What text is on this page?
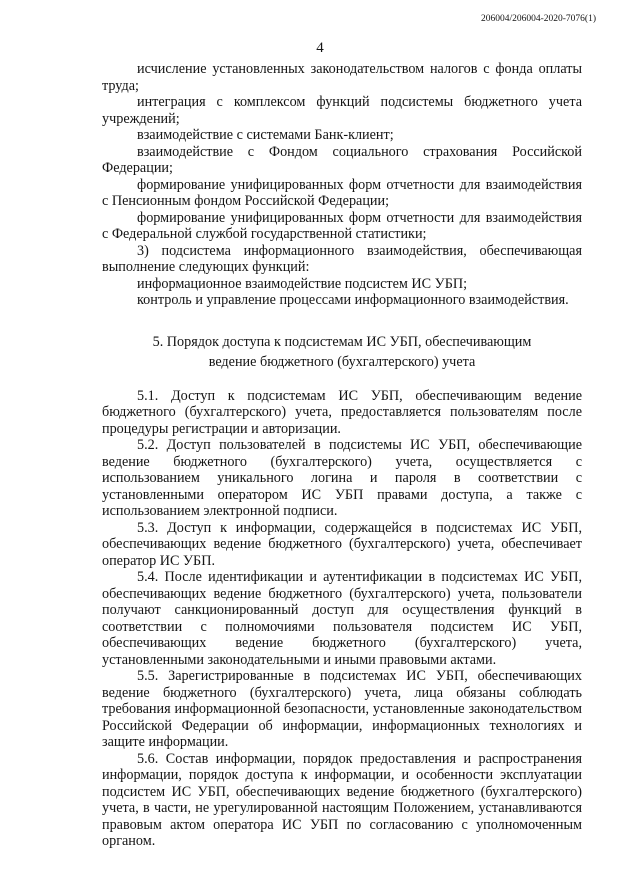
206004/206004-2020-7076(1)
4

исчисление установленных законодательством налогов с фонда оплаты труда;

интеграция с комплексом функций подсистемы бюджетного учета учреждений;

взаимодействие с системами Банк-клиент;

взаимодействие с Фондом социального страхования Российской Федерации;

формирование унифицированных форм отчетности для взаимодействия с Пенсионным фондом Российской Федерации;

формирование унифицированных форм отчетности для взаимодействия с Федеральной службой государственной статистики;

3) подсистема информационного взаимодействия, обеспечивающая выполнение следующих функций:

информационное взаимодействие подсистем ИС УБП;

контроль и управление процессами информационного взаимодействия.

5. Порядок доступа к подсистемам ИС УБП, обеспечивающим
ведение бюджетного (бухгалтерского) учета

5.1. Доступ к подсистемам ИС УБП, обеспечивающим ведение бюджетного (бухгалтерского) учета, предоставляется пользователям после процедуры регистрации и авторизации.

5.2. Доступ пользователей в подсистемы ИС УБП, обеспечивающие ведение бюджетного (бухгалтерского) учета, осуществляется с использованием уникального логина и пароля в соответствии с установленными оператором ИС УБП правами доступа, а также с использованием электронной подписи.

5.3. Доступ к информации, содержащейся в подсистемах ИС УБП, обеспечивающих ведение бюджетного (бухгалтерского) учета, обеспечивает оператор ИС УБП.

5.4. После идентификации и аутентификации в подсистемах ИС УБП, обеспечивающих ведение бюджетного (бухгалтерского) учета, пользователи получают санкционированный доступ для осуществления функций в соответствии с полномочиями пользователя подсистем ИС УБП, обеспечивающих ведение бюджетного (бухгалтерского) учета, установленными законодательными и иными правовыми актами.

5.5. Зарегистрированные в подсистемах ИС УБП, обеспечивающих ведение бюджетного (бухгалтерского) учета, лица обязаны соблюдать требования информационной безопасности, установленные законодательством Российской Федерации об информации, информационных технологиях и защите информации.

5.6. Состав информации, порядок предоставления и распространения информации, порядок доступа к информации, и особенности эксплуатации подсистем ИС УБП, обеспечивающих ведение бюджетного (бухгалтерского) учета, в части, не урегулированной настоящим Положением, устанавливаются правовым актом оператора ИС УБП по согласованию с уполномоченным органом.
